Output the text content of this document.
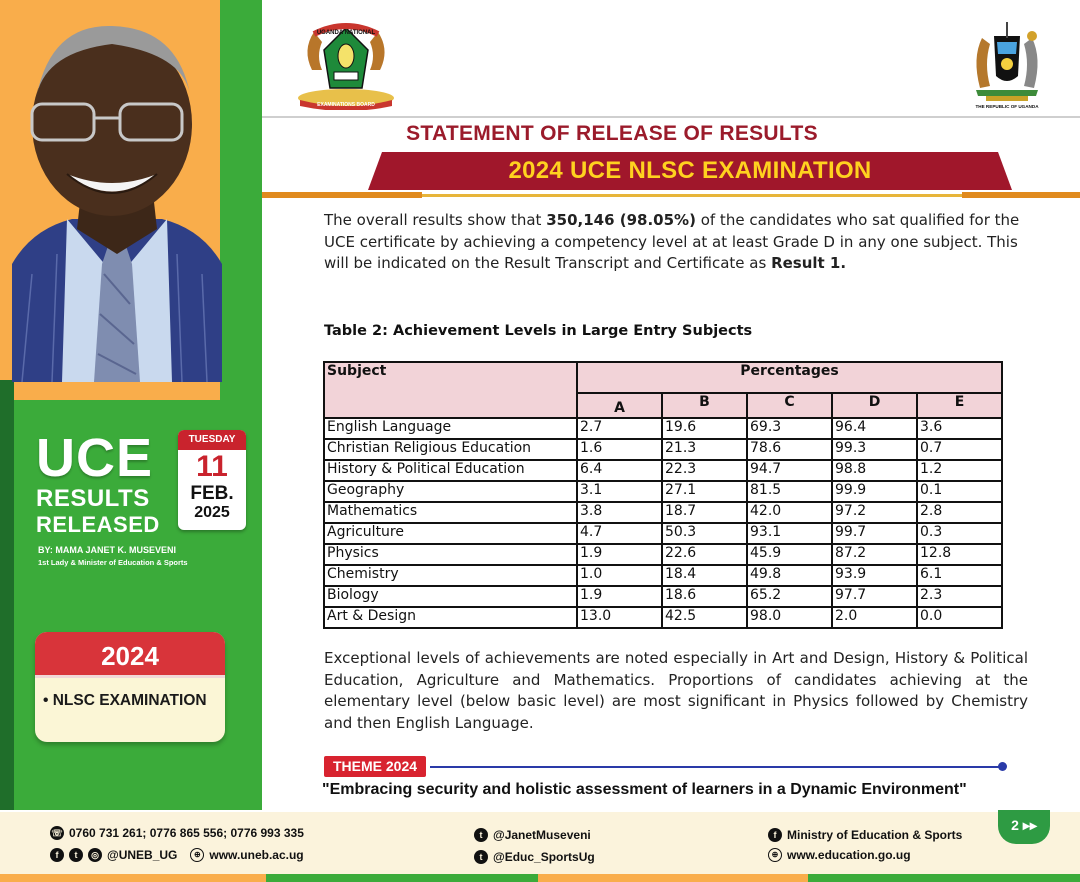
UCE
RESULTS
RELEASED
TUESDAY
11
FEB.
2025
BY: MAMA JANET K. MUSEVENI
1st Lady & Minister of Education & Sports
2024
• NLSC EXAMINATION
UGANDA NATIONAL
EXAMINATIONS BOARD	THE REPUBLIC OF UGANDA
STATEMENT OF RELEASE OF RESULTS
2024 UCE NLSC EXAMINATION
The overall results show that 350,146 (98.05%) of the candidates who sat qualified for the UCE certificate by achieving a competency level at at least Grade D in any one subject. This will be indicated on the Result Transcript and Certificate as Result 1.
Table 2: Achievement Levels in Large Entry Subjects
Subject	Percentages				
	A	B	C	D	E
English Language	2.7	19.6	69.3	96.4	3.6
Christian Religious Education	1.6	21.3	78.6	99.3	0.7
History & Political Education	6.4	22.3	94.7	98.8	1.2
Geography	3.1	27.1	81.5	99.9	0.1
Mathematics	3.8	18.7	42.0	97.2	2.8
Agriculture	4.7	50.3	93.1	99.7	0.3
Physics	1.9	22.6	45.9	87.2	12.8
Chemistry	1.0	18.4	49.8	93.9	6.1
Biology	1.9	18.6	65.2	97.7	2.3
Art & Design	13.0	42.5	98.0	2.0	0.0
Exceptional levels of achievements are noted especially in Art and Design, History & Political Education, Agriculture and Mathematics. Proportions of candidates achieving at the elementary level (below basic level) are most significant in Physics followed by Chemistry and then English Language.
THEME 2024
"Embracing security and holistic assessment of learners in a Dynamic Environment"
☏ 0760 731 261; 0776 865 556; 0776 993 335
f	t	◎ @UNEB_UG	⊕ www.uneb.ac.ug
t @JanetMuseveni
t @Educ_SportsUg
f Ministry of Education & Sports
⊕ www.education.go.ug
2 ▸▸
